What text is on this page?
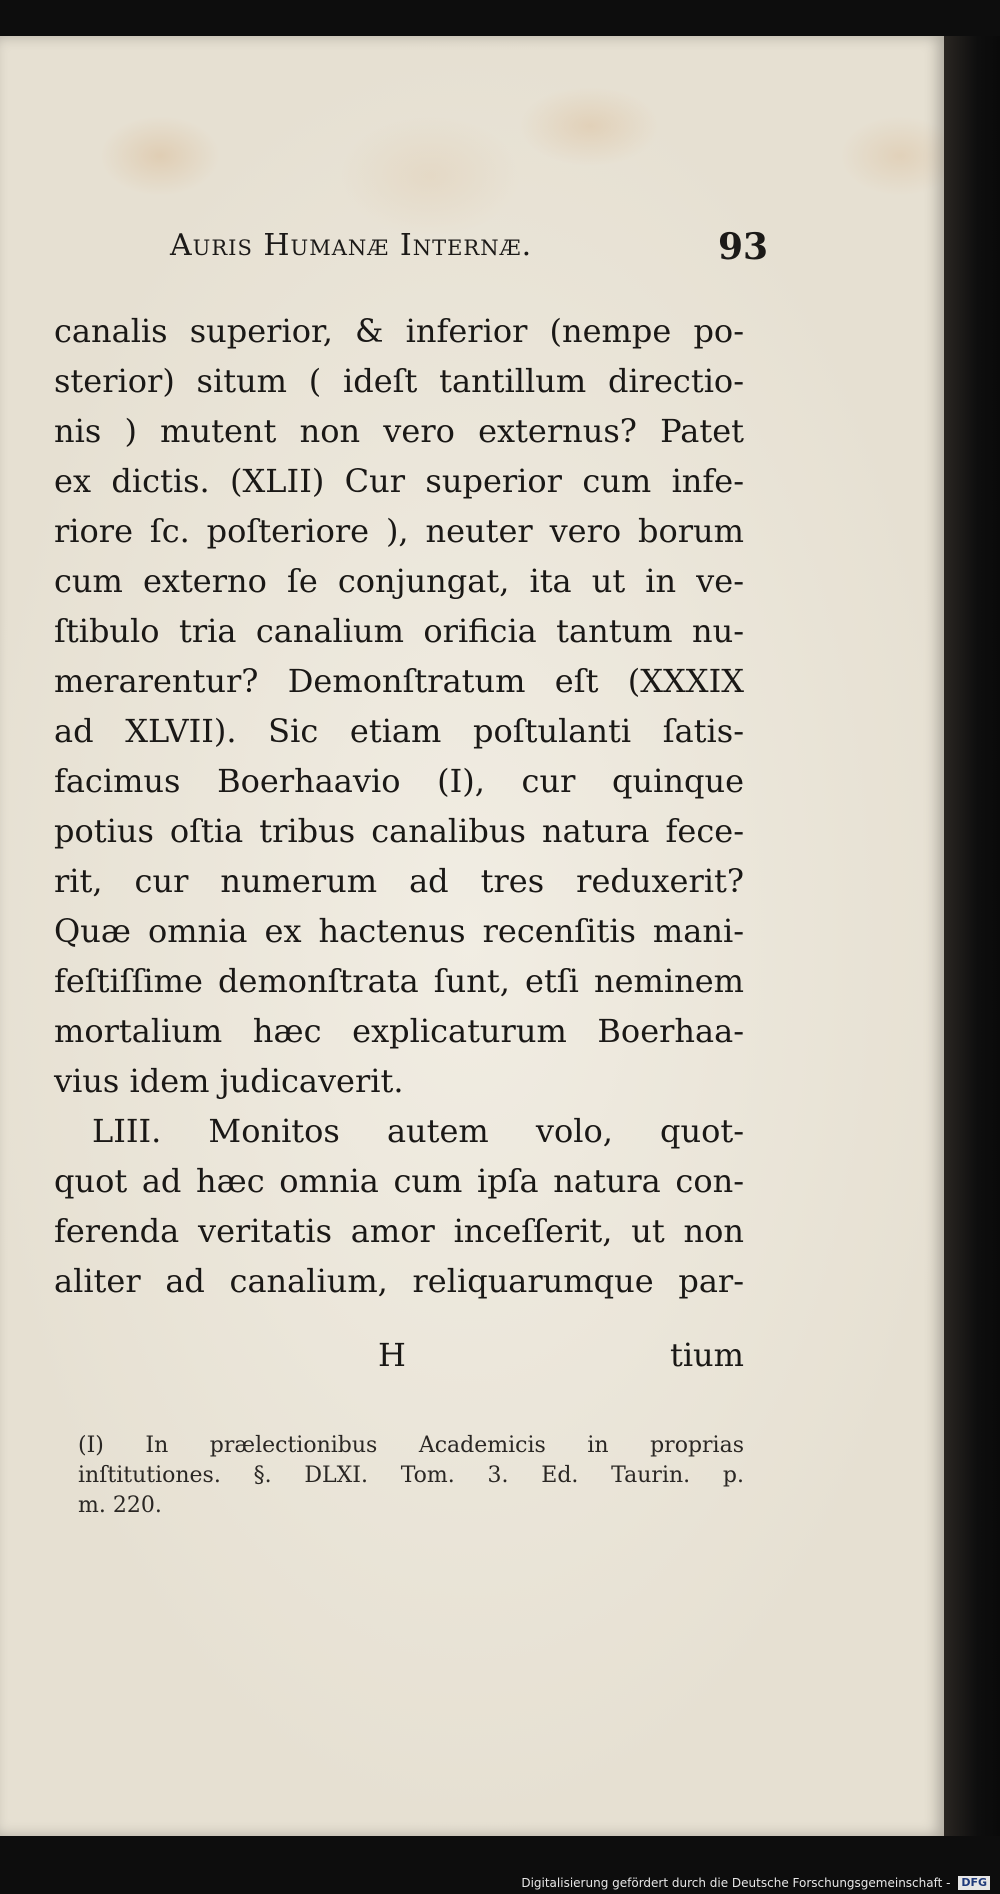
Auris Humanæ Internæ.	93
canalis superior, & inferior (nempe po-
sterior) situm ( ideſt tantillum directio-
nis ) mutent non vero externus? Patet
ex dictis. (XLII) Cur superior cum infe-
riore ſc. poſteriore ), neuter vero borum
cum externo ſe conjungat, ita ut in ve-
ſtibulo tria canalium orificia tantum nu-
merarentur? Demonſtratum eſt (XXXIX
ad XLVII). Sic etiam poſtulanti ſatis-
facimus Boerhaavio (I), cur quinque
potius oſtia tribus canalibus natura fece-
rit, cur numerum ad tres reduxerit?
Quæ omnia ex hactenus recenſitis mani-
feſtiſſime demonſtrata ſunt, etſi neminem
mortalium hæc explicaturum Boerhaa-
vius idem judicaverit.
LIII. Monitos autem volo, quot-
quot ad hæc omnia cum ipſa natura con-
ferenda veritatis amor inceſſerit, ut non
aliter ad canalium, reliquarumque par-
H	tium
(I) In prælectionibus Academicis in proprias
inſtitutiones. §. DLXI. Tom. 3. Ed. Taurin. p.
m. 220.
Digitalisierung gefördert durch die Deutsche Forschungsgemeinschaft - DFG
